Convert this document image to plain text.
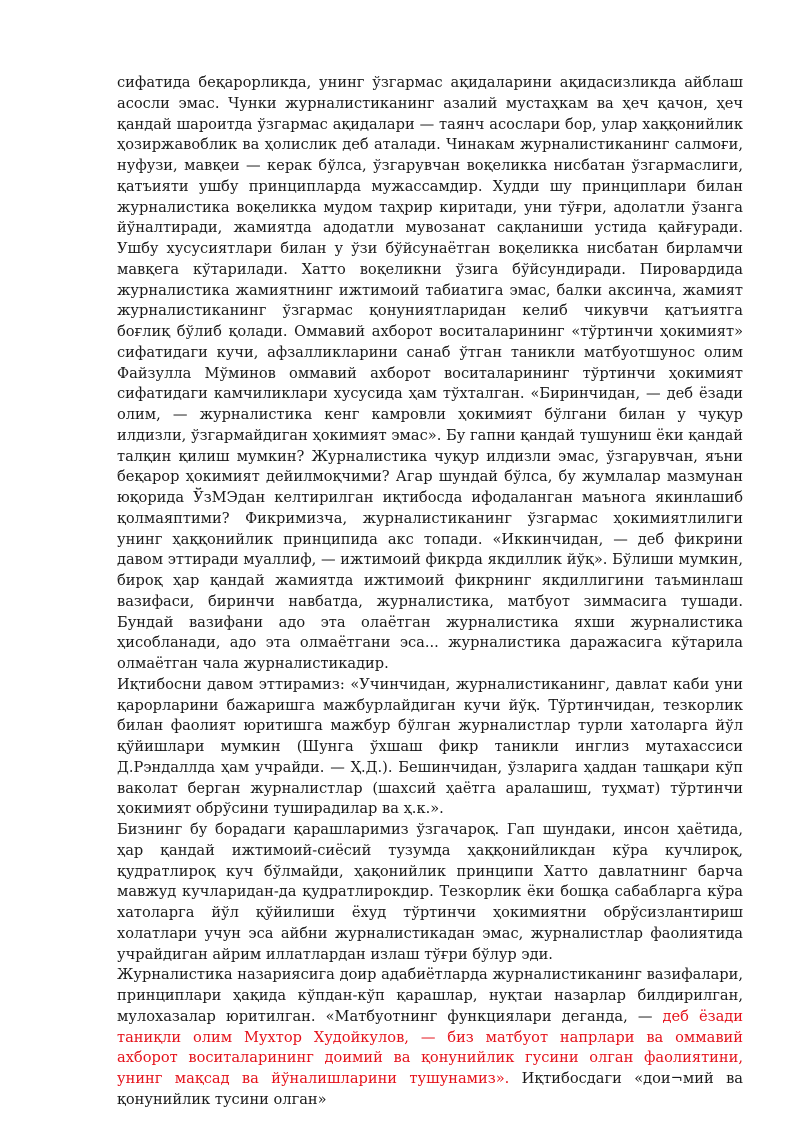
сифатида беқарорликда, унинг ўзгармас ақидаларини ақидасизликда айблаш асосли эмас. Чунки журналистиканинг азалий мустаҳкам ва ҳеч қачон, ҳеч қандай шароитда ўзгармас ақидалари — таянч асослари бор, улар хаққонийлик ҳозиржавоблик ва ҳолислик деб аталади. Чинакам журналистиканинг салмоғи, нуфузи, мавқеи — керак бўлса, ўзгарувчан воқеликка нисбатан ўзгармаслиги, қатъияти ушбу принципларда мужассамдир. Худди шу принциплари билан журналистика воқеликка мудом таҳрир киритади, уни тўғри, адолатли ўзанга йўналтиради, жамиятда адодатли мувозанат сақланиши устида қайғуради. Ушбу хусусиятлари билан у ўзи бўйсунаётган воқеликка нисбатан бирламчи мавқега кўтарилади. Хатто воқеликни ўзига бўйсундиради. Пировардида журналистика жамиятнинг ижтимоий табиатига эмас, балки аксинча, жамият журналистиканинг ўзгармас қонуниятларидан келиб чикувчи қатъиятга боғлиқ бўлиб қолади. Оммавий ахборот воситаларининг «тўртинчи ҳокимият» сифатидаги кучи, афзалликларини санаб ўтган таникли матбуотшунос олим Файзулла Мўминов оммавий ахборот воситаларининг тўртинчи ҳокимият сифатидаги камчиликлари хусусида ҳам тўхталган. «Биринчидан, — деб ёзади олим, — журналистика кенг камровли ҳокимият бўлгани билан у чуқур илдизли, ўзгармайдиган ҳокимият эмас». Бу гапни қандай тушуниш ёки қандай талқин қилиш мумкин? Журналистика чуқур илдизли эмас, ўзгарувчан, яъни беқарор ҳокимият дейилмоқчими? Агар шундай бўлса, бу жумлалар мазмунан юқорида ЎзМЭдан келтирилган иқтибосда ифодаланган маънога якинлашиб қолмаяптими? Фикримизча, журналистиканинг ўзгармас ҳокимиятлилиги унинг ҳаққонийлик принципида акс топади. «Иккинчидан, — деб фикрини давом эттиради муаллиф, — ижтимоий фикрда якдиллик йўқ». Бўлиши мумкин, бироқ ҳар қандай жамиятда ижтимоий фикрнинг якдиллигини таъминлаш вазифаси, биринчи навбатда, журналистика, матбуот зиммасига тушади. Бундай вазифани адо эта олаётган журналистика яхши журналистика ҳисобланади, адо эта олмаётгани эса... журналистика даражасига кўтарила олмаётган чала журналистикадир.

Иқтибосни давом эттирамиз: «Учинчидан, журналистиканинг, давлат каби уни қарорларини бажаришга мажбурлайдиган кучи йўқ. Тўртинчидан, тезкорлик билан фаолият юритишга мажбур бўлган журналистлар турли хатоларга йўл қўйишлари мумкин (Шунга ўхшаш фикр таникли инглиз мутахассиси Д.Рэндаллда ҳам учрайди. — Ҳ.Д.). Бешинчидан, ўзларига ҳаддан ташқари кўп ваколат берган журналистлар (шахсий ҳаётга аралашиш, туҳмат) тўртинчи ҳокимият обрўсини туширадилар ва ҳ.к.».

Бизнинг бу борадаги қарашларимиз ўзгачароқ. Гап шундаки, инсон ҳаётида, ҳар қандай ижтимоий-сиёсий тузумда ҳаққонийликдан кўра кучлироқ, қудратлироқ куч бўлмайди, ҳақонийлик принципи Хатто давлатнинг барча мавжуд кучларидан-да қудратлирокдир. Тезкорлик ёки бошқа сабабларга кўра хатоларга йўл қўйилиши ёхуд тўртинчи ҳокимиятни обрўсизлантириш холатлари учун эса айбни журналистикадан эмас, журналистлар фаолиятида учрайдиган айрим иллатлардан излаш тўғри бўлур эди.

Журналистика назариясига доир адабиётларда журналистиканинг вазифалари, принциплари ҳақида кўпдан-кўп қарашлар, нуқтаи назарлар билдирилган, мулохазалар юритилган. «Матбуотнинг функциялари деганда, — деб ёзади таниқли олим Мухтор Худойкулов, — биз матбуот напрлари ва оммавий ахборот воситаларининг доимий ва қонунийлик гусини олган фаолиятини, унинг мақсад ва йўналишларини тушунамиз». Иқтибосдаги «дои¬мий ва қонунийлик тусини олган»
